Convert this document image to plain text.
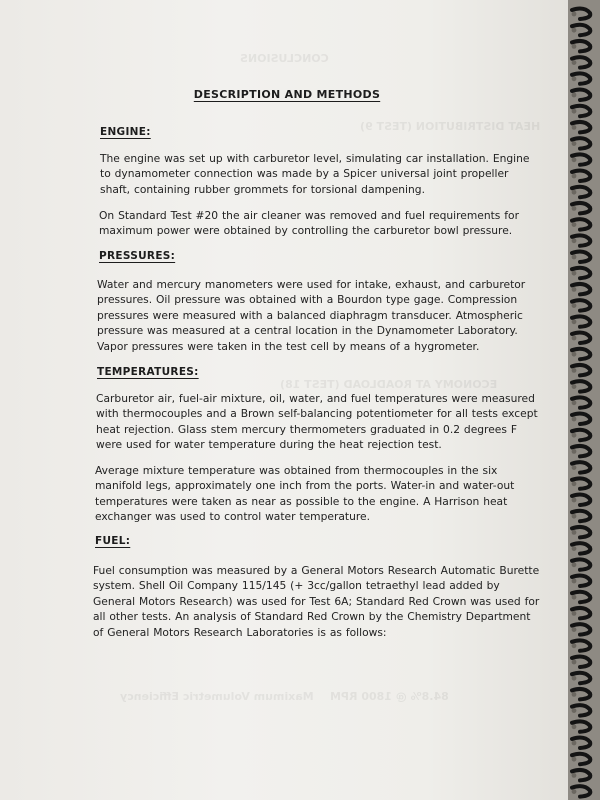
CONCLUSIONS
HEAT DISTRIBUTION (TEST 9)
ECONOMY AT ROADLOAD (TEST 18)
Maximum Volumetric Efficiency 84.8% @ 1800 RPM
DESCRIPTION AND METHODS
ENGINE:

The engine was set up with carburetor level, simulating car installation. Engine to dynamometer connection was made by a Spicer universal joint propeller shaft, containing rubber grommets for torsional dampening.

On Standard Test #20 the air cleaner was removed and fuel requirements for maximum power were obtained by controlling the carburetor bowl pressure.

PRESSURES:

Water and mercury manometers were used for intake, exhaust, and carburetor pressures. Oil pressure was obtained with a Bourdon type gage. Compression pressures were measured with a balanced diaphragm transducer. Atmospheric pressure was measured at a central location in the Dynamometer Laboratory. Vapor pressures were taken in the test cell by means of a hygrometer.

TEMPERATURES:

Carburetor air, fuel-air mixture, oil, water, and fuel temperatures were measured with thermocouples and a Brown self-balancing potentiometer for all tests except heat rejection. Glass stem mercury thermometers graduated in 0.2 degrees F were used for water temperature during the heat rejection test.

Average mixture temperature was obtained from thermocouples in the six manifold legs, approximately one inch from the ports. Water-in and water-out temperatures were taken as near as possible to the engine. A Harrison heat exchanger was used to control water temperature.

FUEL:

Fuel consumption was measured by a General Motors Research Automatic Burette system. Shell Oil Company 115/145 (+ 3cc/gallon tetraethyl lead added by General Motors Research) was used for Test 6A; Standard Red Crown was used for all other tests. An analysis of Standard Red Crown by the Chemistry Department of General Motors Research Laboratories is as follows:
